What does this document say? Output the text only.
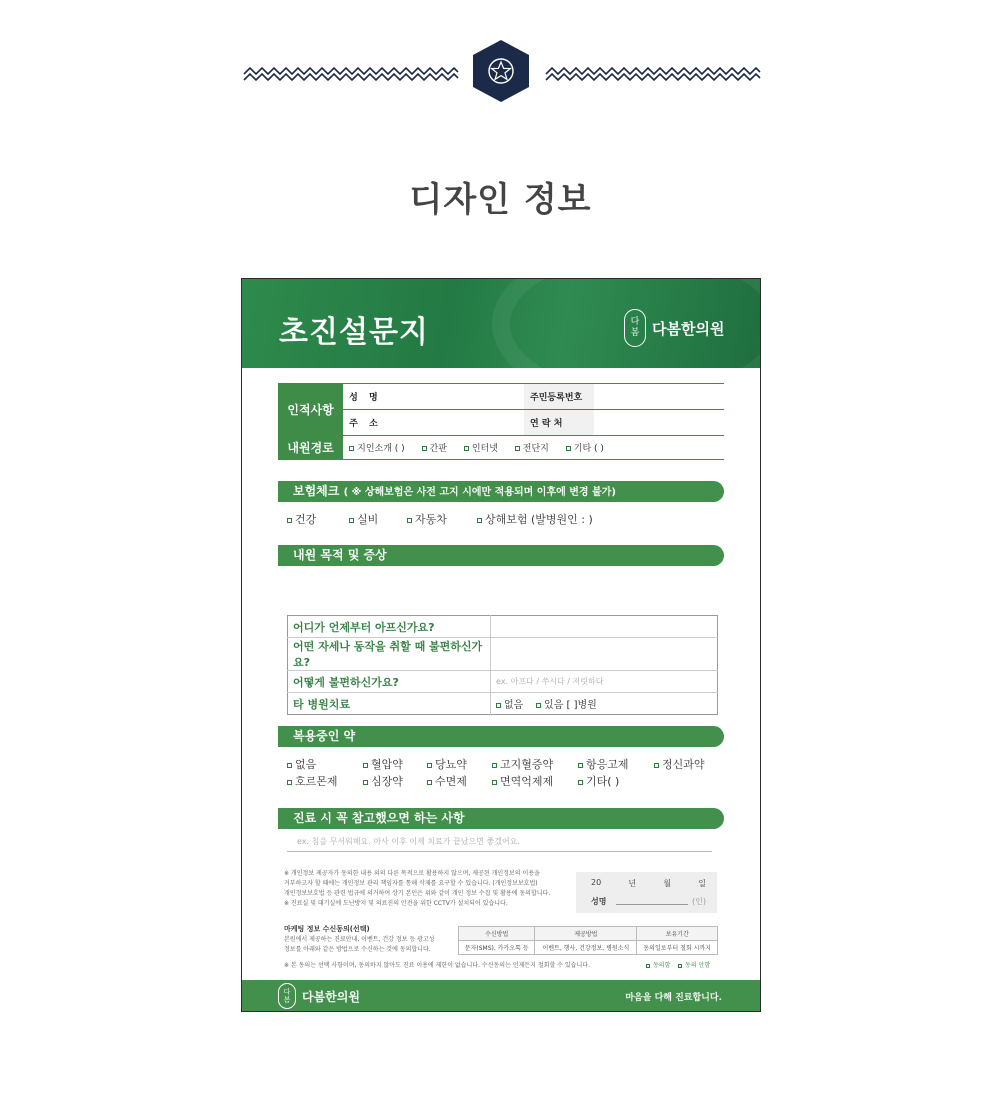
디자인 정보
초진설문지	다
봄 다봄한의원
인적사항	성 명		주민등록번호	
	주 소		연 락 처	
내원경로	지인소개 ( ) 간판 인터넷 전단지 기타 ( )			
보험체크 ( ※ 상해보험은 사전 고지 시에만 적용되며 이후에 변경 불가)
건강	실비	자동차	상해보험 (발병원인 : )
내원 목적 및 증상
어디가 언제부터 아프신가요?	
어떤 자세나 동작을 취할 때 불편하신가요?	
어떻게 불편하신가요?	ex. 아프다 / 쑤시다 / 저릿하다
타 병원치료	없음 있음 [ ]병원
복용중인 약
없음	혈압약	당뇨약	고지혈증약	항응고제	정신과약
호르몬제	심장약	수면제	면역억제제	기타( )
진료 시 꼭 참고했으면 하는 사항
ex. 침을 무서워해요. 아사 이후 이제 치료가 끝났으면 좋겠어요.
※ 개인정보 제공자가 동의한 내용 외의 다른 목적으로 활용하지 않으며, 제공된 개인정보의 이용을
거부하고자 할 때에는 개인정보 관리 책임자를 통해 삭제를 요구할 수 있습니다. (개인정보보호법)
개인정보보호법 등 관련 법규에 의거하여 상기 본인은 위와 같이 개인 정보 수집 및 활용에 동의합니다.
※ 진료실 및 대기실에 도난방지 및 의료진의 안전을 위한 CCTV가 설치되어 있습니다.
20	년	월	일
성명	(인)
마케팅 정보 수신동의(선택)
본원에서 제공하는 진료안내, 이벤트, 건강 정보 등 광고성
정보를 아래와 같은 방법으로 수신하는 것에 동의합니다.
수신방법	제공방법	보유기간
문자(SMS), 카카오톡 등	이벤트, 행사, 건강정보, 병원소식	동의일로부터 철회 시까지
※ 본 동의는 선택 사항이며, 동의하지 않아도 진료 이용에 제한이 없습니다. 수신동의는 언제든지 철회할 수 있습니다.	동의함 동의 안함
다
봄 다봄한의원	마음을 다해 진료합니다.
